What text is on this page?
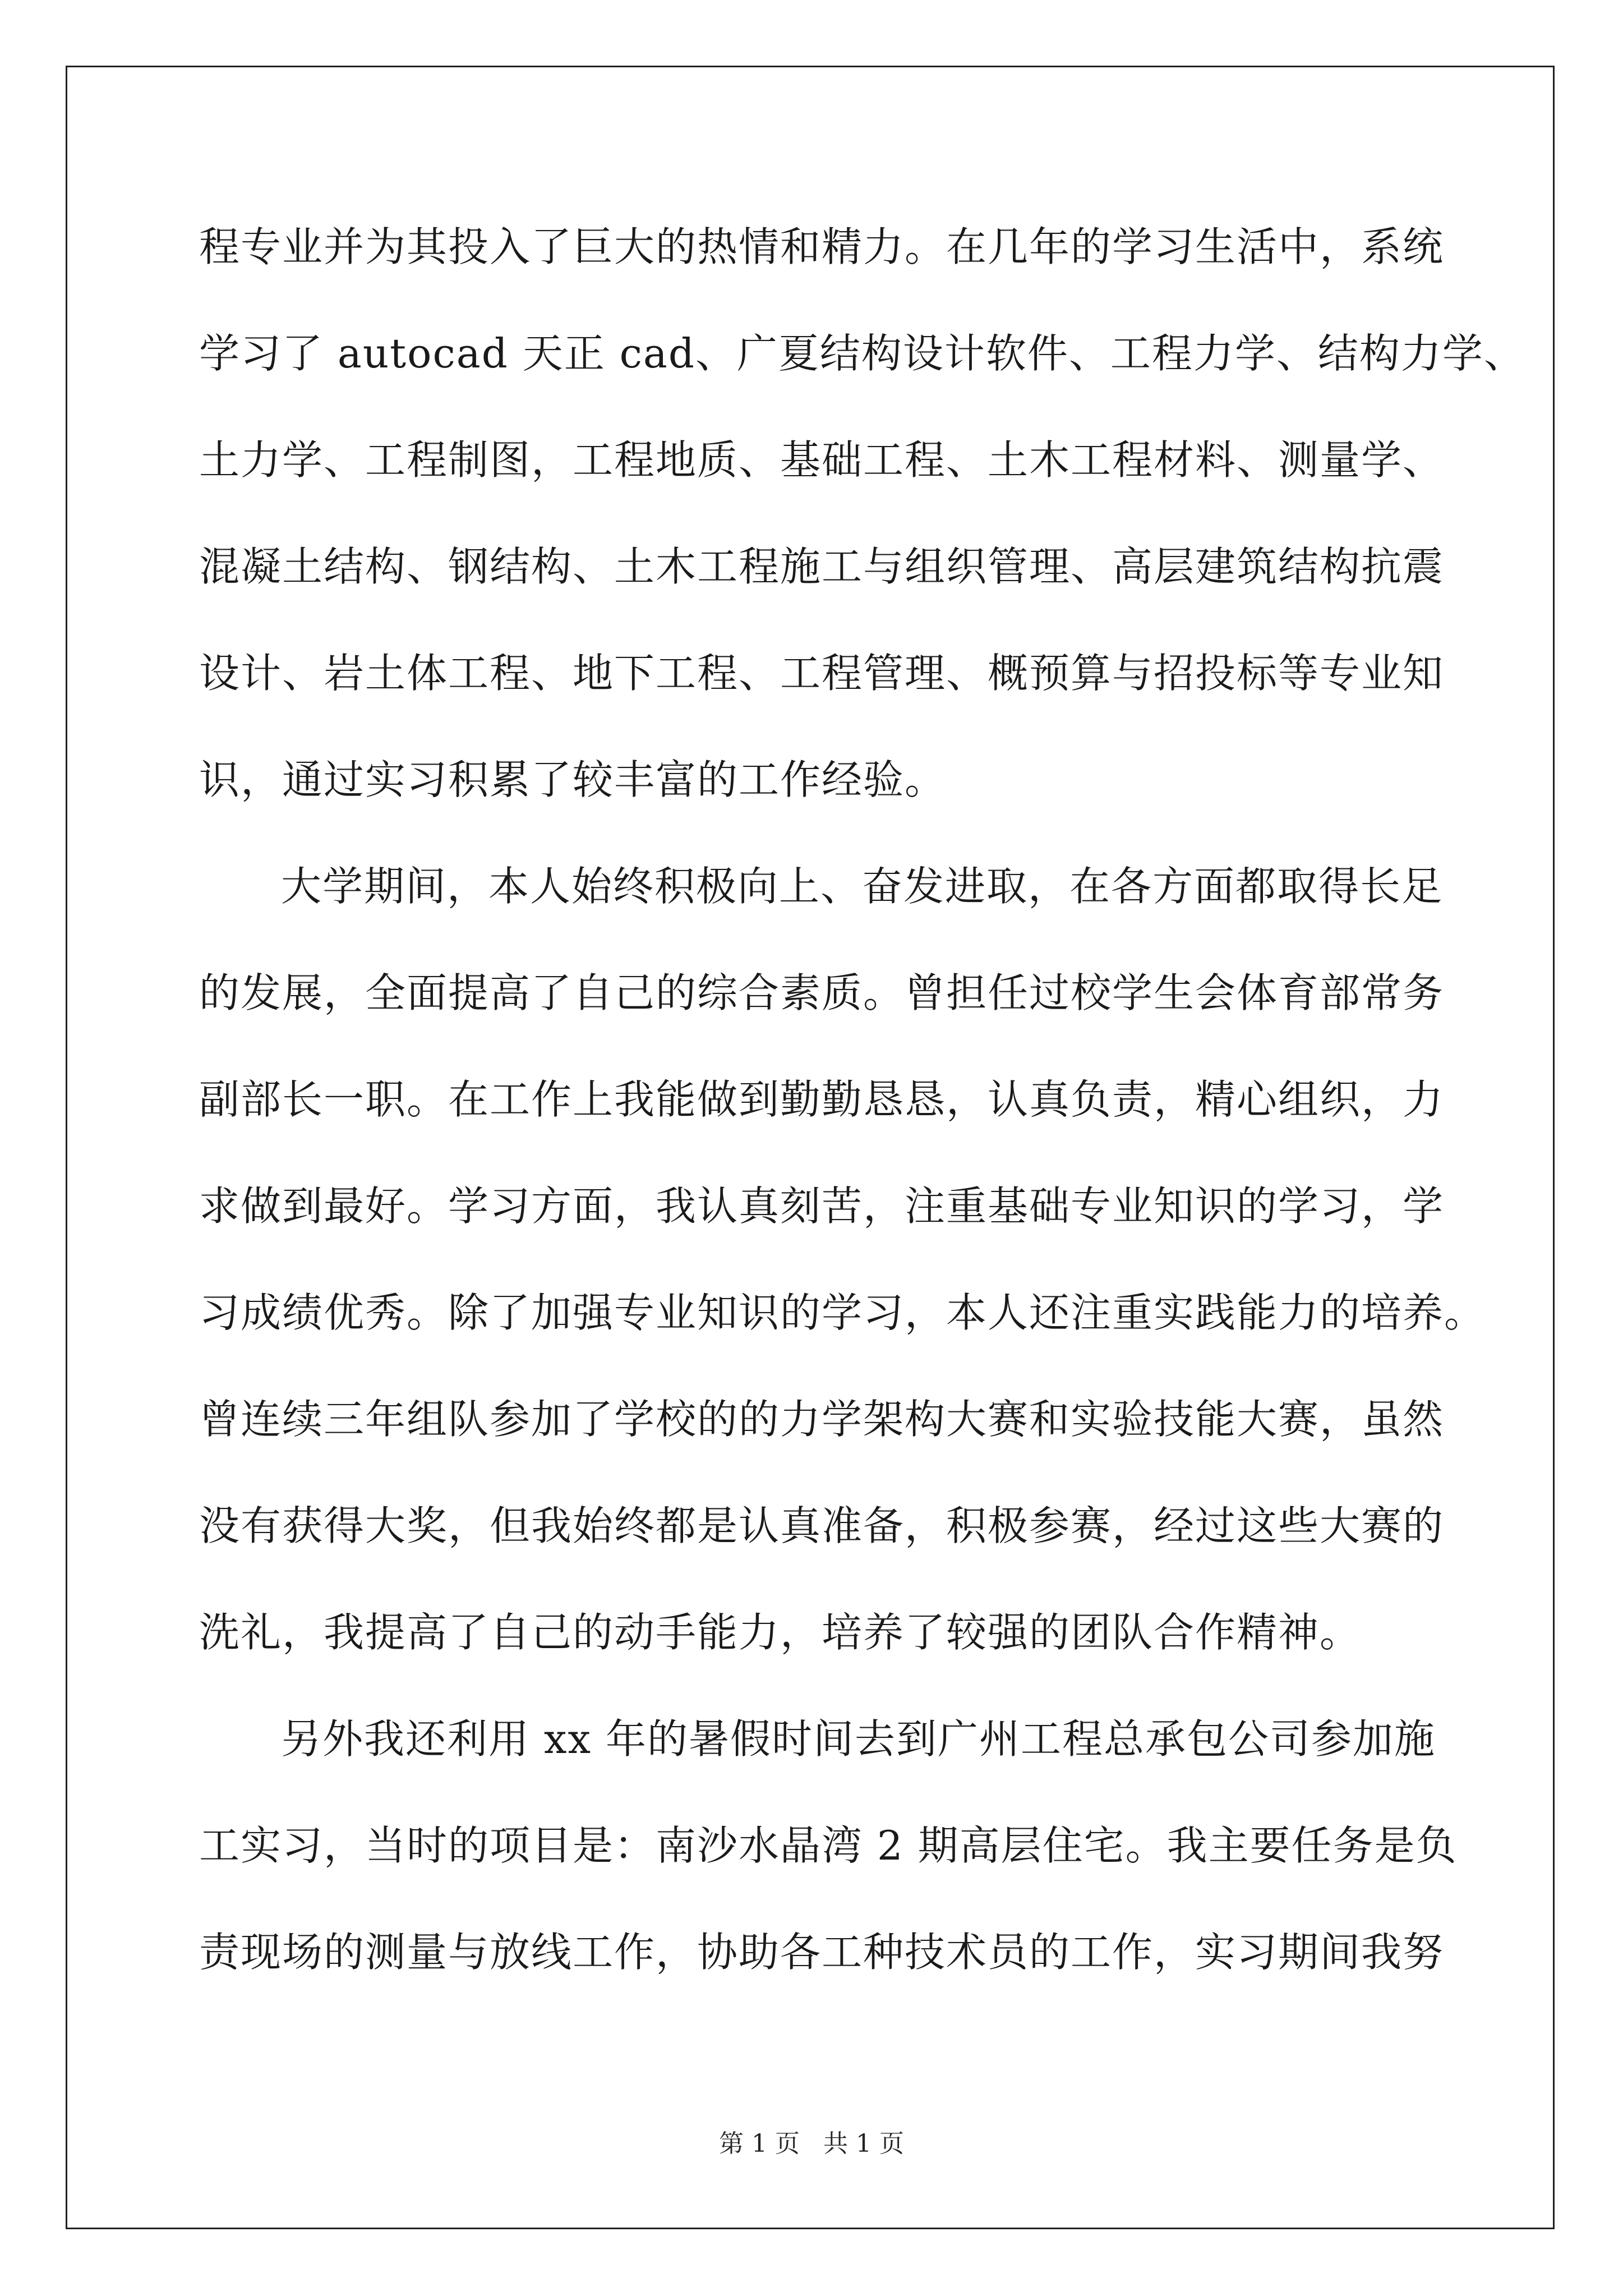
程专业并为其投入了巨大的热情和精力。在几年的学习生活中，系统
学习了 autocad 天正 cad、广夏结构设计软件、工程力学、结构力学、
土力学、工程制图，工程地质、基础工程、土木工程材料、测量学、
混凝土结构、钢结构、土木工程施工与组织管理、高层建筑结构抗震
设计、岩土体工程、地下工程、工程管理、概预算与招投标等专业知
识，通过实习积累了较丰富的工作经验。
大学期间，本人始终积极向上、奋发进取，在各方面都取得长足
的发展，全面提高了自己的综合素质。曾担任过校学生会体育部常务
副部长一职。在工作上我能做到勤勤恳恳，认真负责，精心组织，力
求做到最好。学习方面，我认真刻苦，注重基础专业知识的学习，学
习成绩优秀。除了加强专业知识的学习，本人还注重实践能力的培养。
曾连续三年组队参加了学校的的力学架构大赛和实验技能大赛，虽然
没有获得大奖，但我始终都是认真准备，积极参赛，经过这些大赛的
洗礼，我提高了自己的动手能力，培养了较强的团队合作精神。
另外我还利用 xx 年的暑假时间去到广州工程总承包公司参加施
工实习，当时的项目是：南沙水晶湾 2 期高层住宅。我主要任务是负
责现场的测量与放线工作，协助各工种技术员的工作，实习期间我努
第 1 页   共 1 页
